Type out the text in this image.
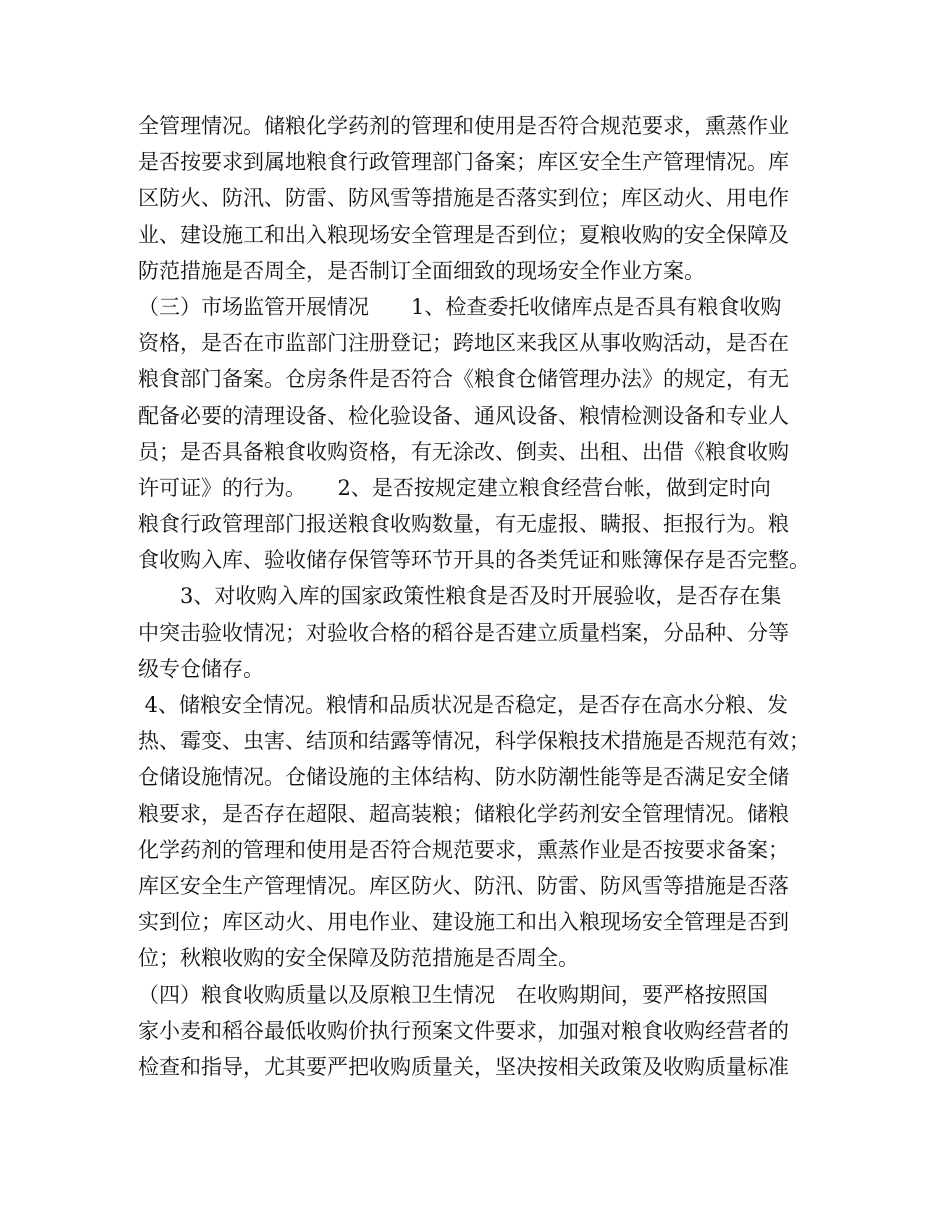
全管理情况。储粮化学药剂的管理和使用是否符合规范要求，熏蒸作业
是否按要求到属地粮食行政管理部门备案；库区安全生产管理情况。库
区防火、防汛、防雷、防风雪等措施是否落实到位；库区动火、用电作
业、建设施工和出入粮现场安全管理是否到位；夏粮收购的安全保障及
防范措施是否周全，是否制订全面细致的现场安全作业方案。
（三）市场监管开展情况　　1、检查委托收储库点是否具有粮食收购
资格，是否在市监部门注册登记；跨地区来我区从事收购活动，是否在
粮食部门备案。仓房条件是否符合《粮食仓储管理办法》的规定，有无
配备必要的清理设备、检化验设备、通风设备、粮情检测设备和专业人
员；是否具备粮食收购资格，有无涂改、倒卖、出租、出借《粮食收购
许可证》的行为。　　2、是否按规定建立粮食经营台帐，做到定时向
粮食行政管理部门报送粮食收购数量，有无虚报、瞒报、拒报行为。粮
食收购入库、验收储存保管等环节开具的各类凭证和账簿保存是否完整。
　　3、对收购入库的国家政策性粮食是否及时开展验收，是否存在集
中突击验收情况；对验收合格的稻谷是否建立质量档案，分品种、分等
级专仓储存。
4、储粮安全情况。粮情和品质状况是否稳定，是否存在高水分粮、发
热、霉变、虫害、结顶和结露等情况，科学保粮技术措施是否规范有效；
仓储设施情况。仓储设施的主体结构、防水防潮性能等是否满足安全储
粮要求，是否存在超限、超高装粮；储粮化学药剂安全管理情况。储粮
化学药剂的管理和使用是否符合规范要求，熏蒸作业是否按要求备案；
库区安全生产管理情况。库区防火、防汛、防雷、防风雪等措施是否落
实到位；库区动火、用电作业、建设施工和出入粮现场安全管理是否到
位；秋粮收购的安全保障及防范措施是否周全。
（四）粮食收购质量以及原粮卫生情况　在收购期间，要严格按照国
家小麦和稻谷最低收购价执行预案文件要求，加强对粮食收购经营者的
检查和指导，尤其要严把收购质量关，坚决按相关政策及收购质量标准
